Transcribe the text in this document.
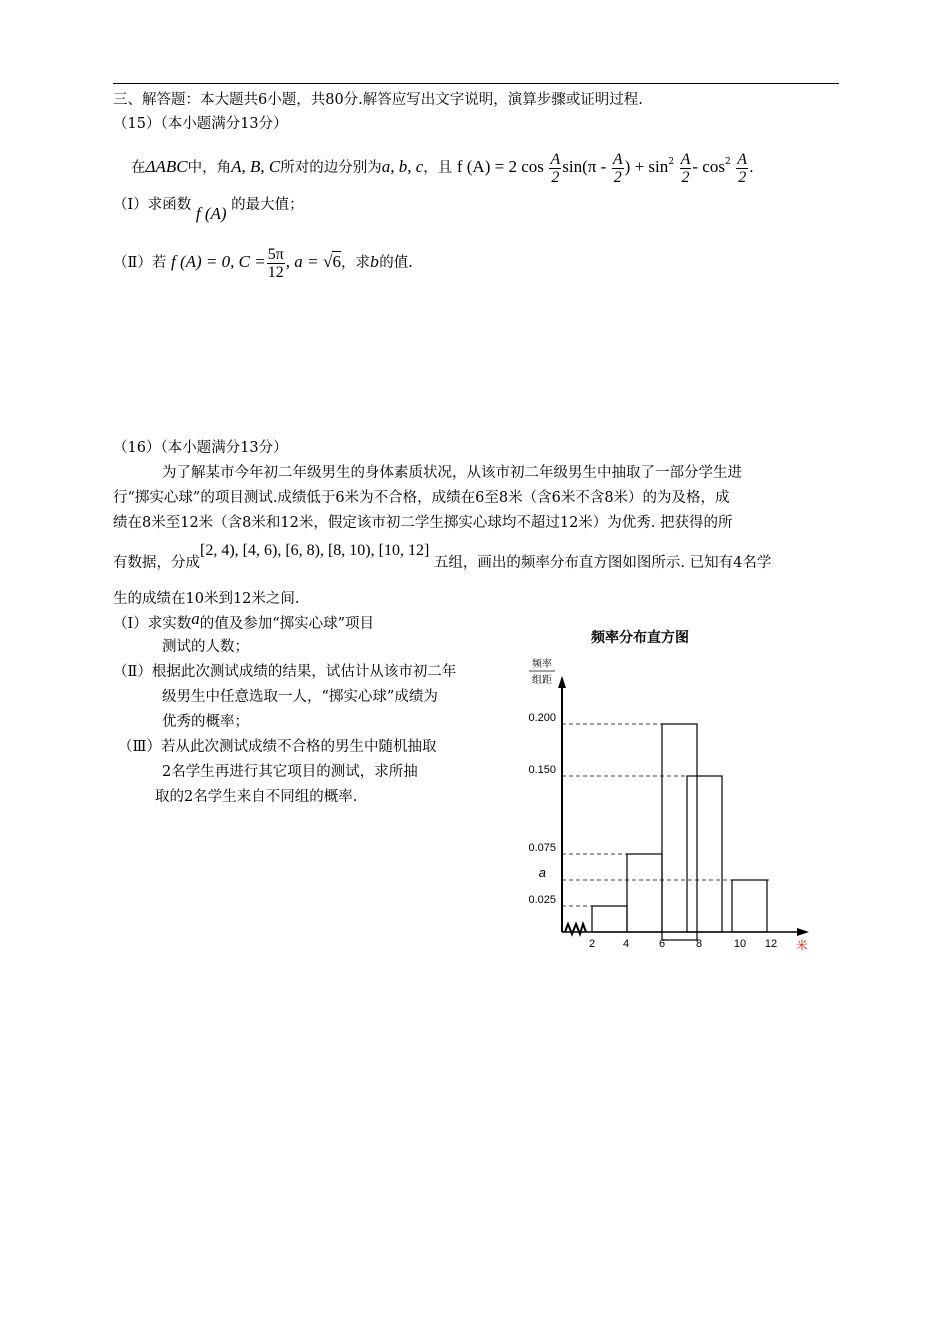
三、解答题：本大题共6小题，共80分.解答应写出文字说明，演算步骤或证明过程.
（15）（本小题满分13分）
在ΔABC中，角A, B, C所对的边分别为a, b, c，且 f (A) = 2 $\cos \frac{A}{2} \sin(\pi - \frac{A}{2}$ ) + $\sin^2 \frac{A}{2} - \cos^2 \frac{A}{2}$ .
（Ⅰ）求函数 f (A) 的最大值；
（Ⅱ）若 f (A) = 0, $C = \frac{5\pi}{12}$ , a = √6，求b的值.
（16）（本小题满分13分）
为了解某市今年初二年级男生的身体素质状况，从该市初二年级男生中抽取了一部分学生进
行“掷实心球”的项目测试.成绩低于6米为不合格，成绩在6至8米（含6米不含8米）的为及格，成
绩在8米至12米（含8米和12米，假定该市初二学生掷实心球均不超过12米）为优秀. 把获得的所
有数据，分成[2, 4), [4, 6), [6, 8), [8, 10), [10, 12] 五组，画出的频率分布直方图如图所示. 已知有4名学
生的成绩在10米到12米之间.
（Ⅰ）求实数a的值及参加“掷实心球”项目
测试的人数；
（Ⅱ）根据此次测试成绩的结果，试估计从该市初二年
级男生中任意选取一人，“掷实心球”成绩为
优秀的概率；
（Ⅲ）若从此次测试成绩不合格的男生中随机抽取
2名学生再进行其它项目的测试，求所抽
取的2名学生来自不同组的概率.
频率分布直方图
频率
组距
0.025
a
0.075
0.150
0.200
2	4	6	8	10 12 米
